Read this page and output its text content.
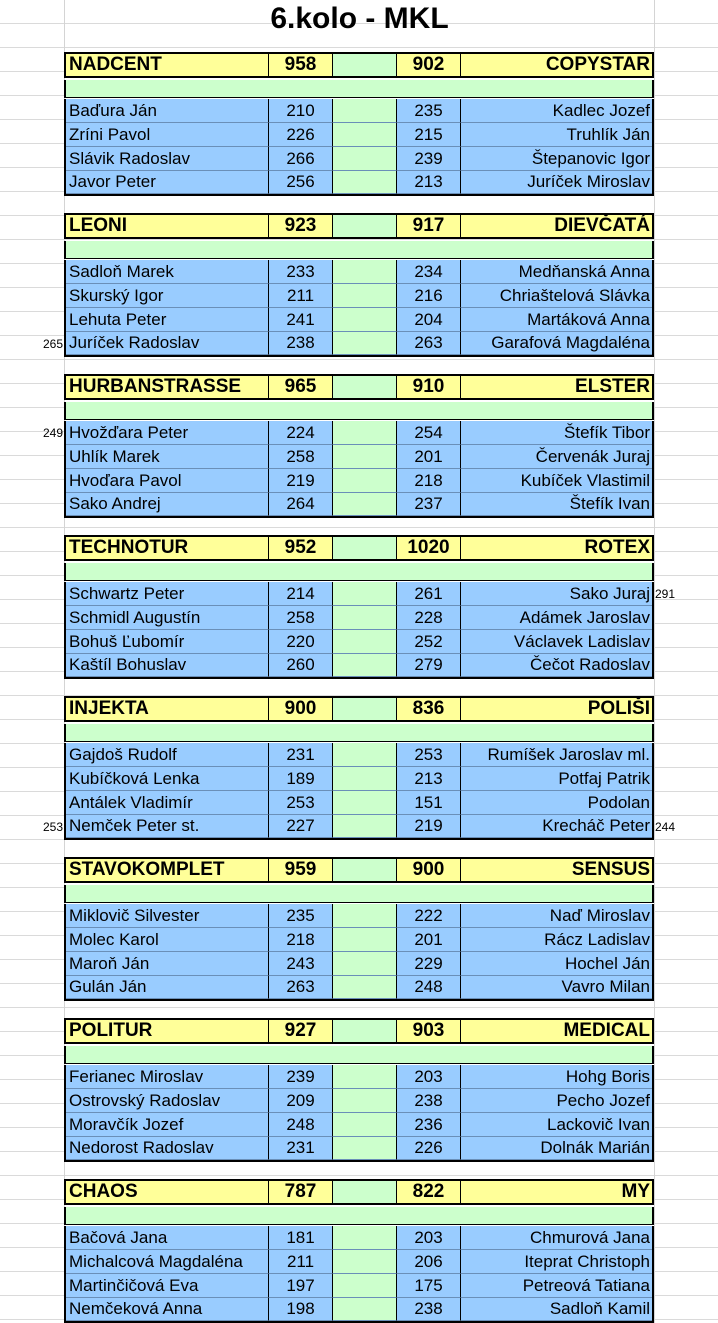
6.kolo - MKL
NADCENT	958	902	COPYSTAR
Baďura Ján	210	235	Kadlec Jozef
Zríni Pavol	226	215	Truhlík Ján
Slávik Radoslav	266	239	Štepanovic Igor
Javor Peter	256	213	Juríček Miroslav
LEONI	923	917	DIEVČATÁ
Sadloň Marek	233	234	Medňanská Anna
Skurský Igor	211	216	Chriaštelová Slávka
Lehuta Peter	241	204	Martáková Anna
Juríček Radoslav	238	263	Garafová Magdaléna
HURBANSTRASSE	965	910	ELSTER
Hvožďara Peter	224	254	Štefík Tibor
Uhlík Marek	258	201	Červenák Juraj
Hvoďara Pavol	219	218	Kubíček Vlastimil
Sako Andrej	264	237	Štefík Ivan
TECHNOTUR	952	1020	ROTEX
Schwartz Peter	214	261	Sako Juraj
Schmidl Augustín	258	228	Adámek Jaroslav
Bohuš Ľubomír	220	252	Václavek Ladislav
Kaštíl Bohuslav	260	279	Čečot Radoslav
INJEKTA	900	836	POLIŠI
Gajdoš Rudolf	231	253	Rumíšek Jaroslav ml.
Kubíčková Lenka	189	213	Potfaj Patrik
Antálek Vladimír	253	151	Podolan
Nemček Peter st.	227	219	Krecháč Peter
STAVOKOMPLET	959	900	SENSUS
Miklovič Silvester	235	222	Naď Miroslav
Molec Karol	218	201	Rácz Ladislav
Maroň Ján	243	229	Hochel Ján
Gulán Ján	263	248	Vavro Milan
POLITUR	927	903	MEDICAL
Ferianec Miroslav	239	203	Hohg Boris
Ostrovský Radoslav	209	238	Pecho Jozef
Moravčík Jozef	248	236	Lackovič Ivan
Nedorost Radoslav	231	226	Dolnák Marián
CHAOS	787	822	MY
Bačová Jana	181	203	Chmurová Jana
Michalcová Magdaléna	211	206	Iteprat Christoph
Martinčičová Eva	197	175	Petreová Tatiana
Nemčeková Anna	198	238	Sadloň Kamil
265
249
291
253	244
